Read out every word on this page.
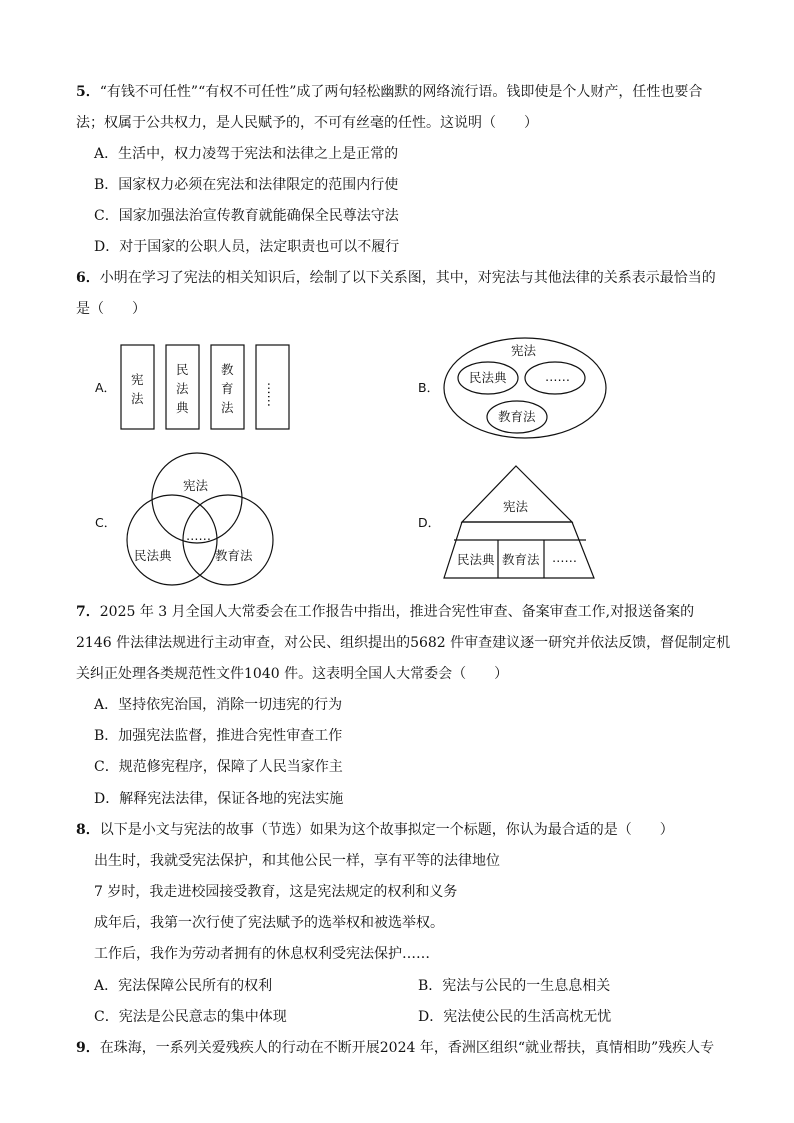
5．“有钱不可任性”“有权不可任性”成了两句轻松幽默的网络流行语。钱即使是个人财产，任性也要合
法；权属于公共权力，是人民赋予的，不可有丝毫的任性。这说明（　　）
A．生活中，权力凌驾于宪法和法律之上是正常的
B．国家权力必须在宪法和法律限定的范围内行使
C．国家加强法治宣传教育就能确保全民尊法守法
D．对于国家的公职人员，法定职责也可以不履行
6．小明在学习了宪法的相关知识后，绘制了以下关系图，其中，对宪法与其他法律的关系表示最恰当的
是（　　）
A．
宪
法
民
法
典
教
育
法
……	B．
宪法
民法典	……
教育法
C．
宪法
民法典	教育法
……
D．
宪法
民法典 教育法 ……
7．2025 年 3 月全国人大常委会在工作报告中指出，推进合宪性审查、备案审查工作,对报送备案的
2146 件法律法规进行主动审查，对公民、组织提出的5682 件审查建议逐一研究并依法反馈，督促制定机
关纠正处理各类规范性文件1040 件。这表明全国人大常委会（　　）
A．坚持依宪治国，消除一切违宪的行为
B．加强宪法监督，推进合宪性审查工作
C．规范修宪程序，保障了人民当家作主
D．解释宪法法律，保证各地的宪法实施
8．以下是小文与宪法的故事（节选）如果为这个故事拟定一个标题，你认为最合适的是（　　）
出生时，我就受宪法保护，和其他公民一样，享有平等的法律地位
7 岁时，我走进校园接受教育，这是宪法规定的权利和义务
成年后，我第一次行使了宪法赋予的选举权和被选举权。
工作后，我作为劳动者拥有的休息权利受宪法保护……
A．宪法保障公民所有的权利	B．宪法与公民的一生息息相关
C．宪法是公民意志的集中体现	D．宪法使公民的生活高枕无忧
9．在珠海，一系列关爱残疾人的行动在不断开展2024 年，香洲区组织“就业帮扶，真情相助”残疾人专
